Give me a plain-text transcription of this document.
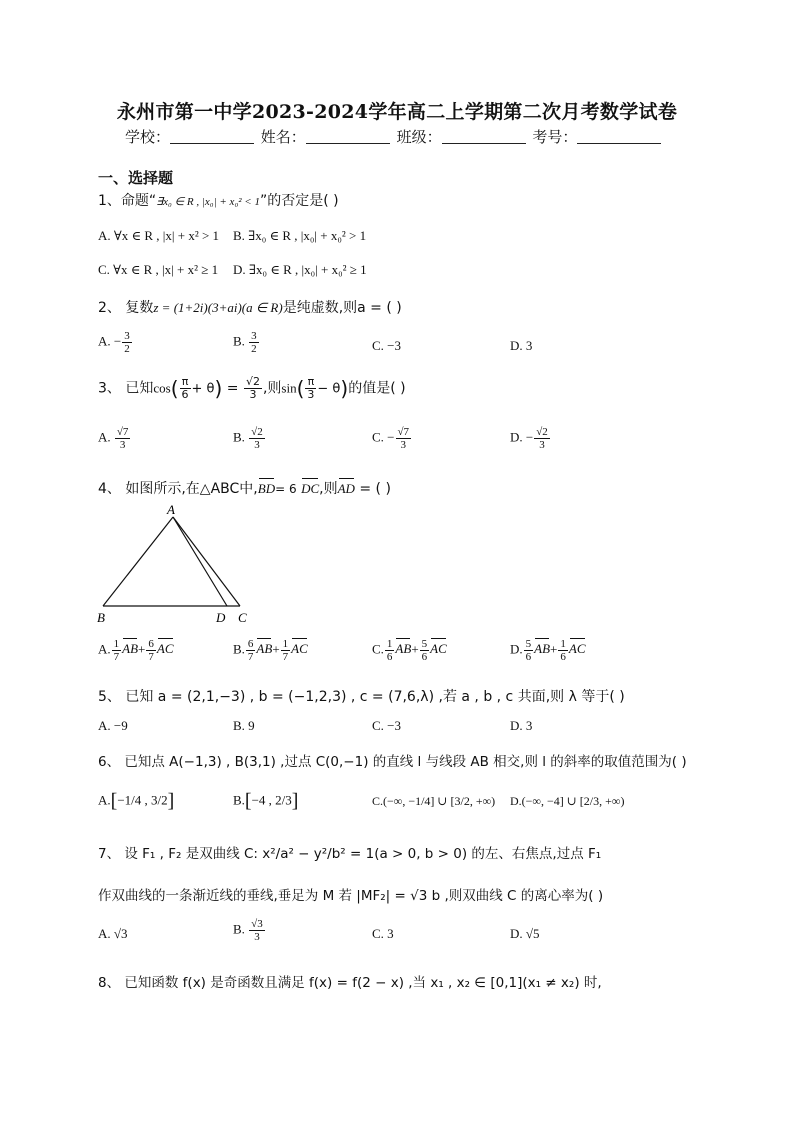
永州市第一中学2023-2024学年高二上学期第二次月考数学试卷
学校：	姓名：	班级：	考号：
一、选择题
1、命题“∃x₀ ∈ R , |x₀| + x₀² < 1”的否定是( )
A. ∀x ∈ R , |x| + x² > 1 B. ∃x₀ ∈ R , |x₀| + x₀² > 1
C. ∀x ∈ R , |x| + x² ≥ 1 D. ∃x₀ ∈ R , |x₀| + x₀² ≥ 1
2、 复数z = (1+2i)(3+ai)(a ∈ R)是纯虚数,则a = ( )
A. − $\frac{3}{2}$	B. $\frac{3}{2}$	C. −3	D. 3
3、 已知$\cos( \frac{\pi}{6} + \theta) = \frac{√2}{3}$ ,则$\sin( \frac{\pi}{3} - \theta)$的值是( )
A. $\frac{√7}{3}$	B. $\frac{√2}{3}$	C. − $\frac{√7}{3}$	D. − $\frac{√2}{3}$
4、 如图所示,在△ABC中,BD= 6 DC,则AD = ( )
A
B	D C
A. $\frac{1}{7} AB+ \frac{6}{7}$ AC	B. $\frac{6}{7} AB+ \frac{1}{7}$ AC	C. $\frac{1}{6} AB+ \frac{5}{6}$ AC	D. $\frac{5}{6} AB+ \frac{1}{6}$ AC
5、 已知 a = (2,1,−3) , b = (−1,2,3) , c = (7,6,λ) ,若 a , b , c 共面,则 λ 等于( )
A. −9	B. 9	C. −3	D. 3
6、 已知点 A(−1,3) , B(3,1) ,过点 C(0,−1) 的直线 l 与线段 AB 相交,则 l 的斜率的取值范围为( )
A.[−1/4 , 3/2]	B.[−4 , 2/3]	C.(−∞, −1/4] ∪ [3/2, +∞) D.(−∞, −4] ∪ [2/3, +∞)
7、 设 F₁ , F₂ 是双曲线 C: x²/a² − y²/b² = 1(a > 0, b > 0) 的左、右焦点,过点 F₁
作双曲线的一条渐近线的垂线,垂足为 M 若 |MF₂| = √3 b ,则双曲线 C 的离心率为( )
A. √3	B. $\frac{√3}{3}$	C. 3	D. √5
8、 已知函数 f(x) 是奇函数且满足 f(x) = f(2 − x) ,当 x₁ , x₂ ∈ [0,1](x₁ ≠ x₂) 时,
